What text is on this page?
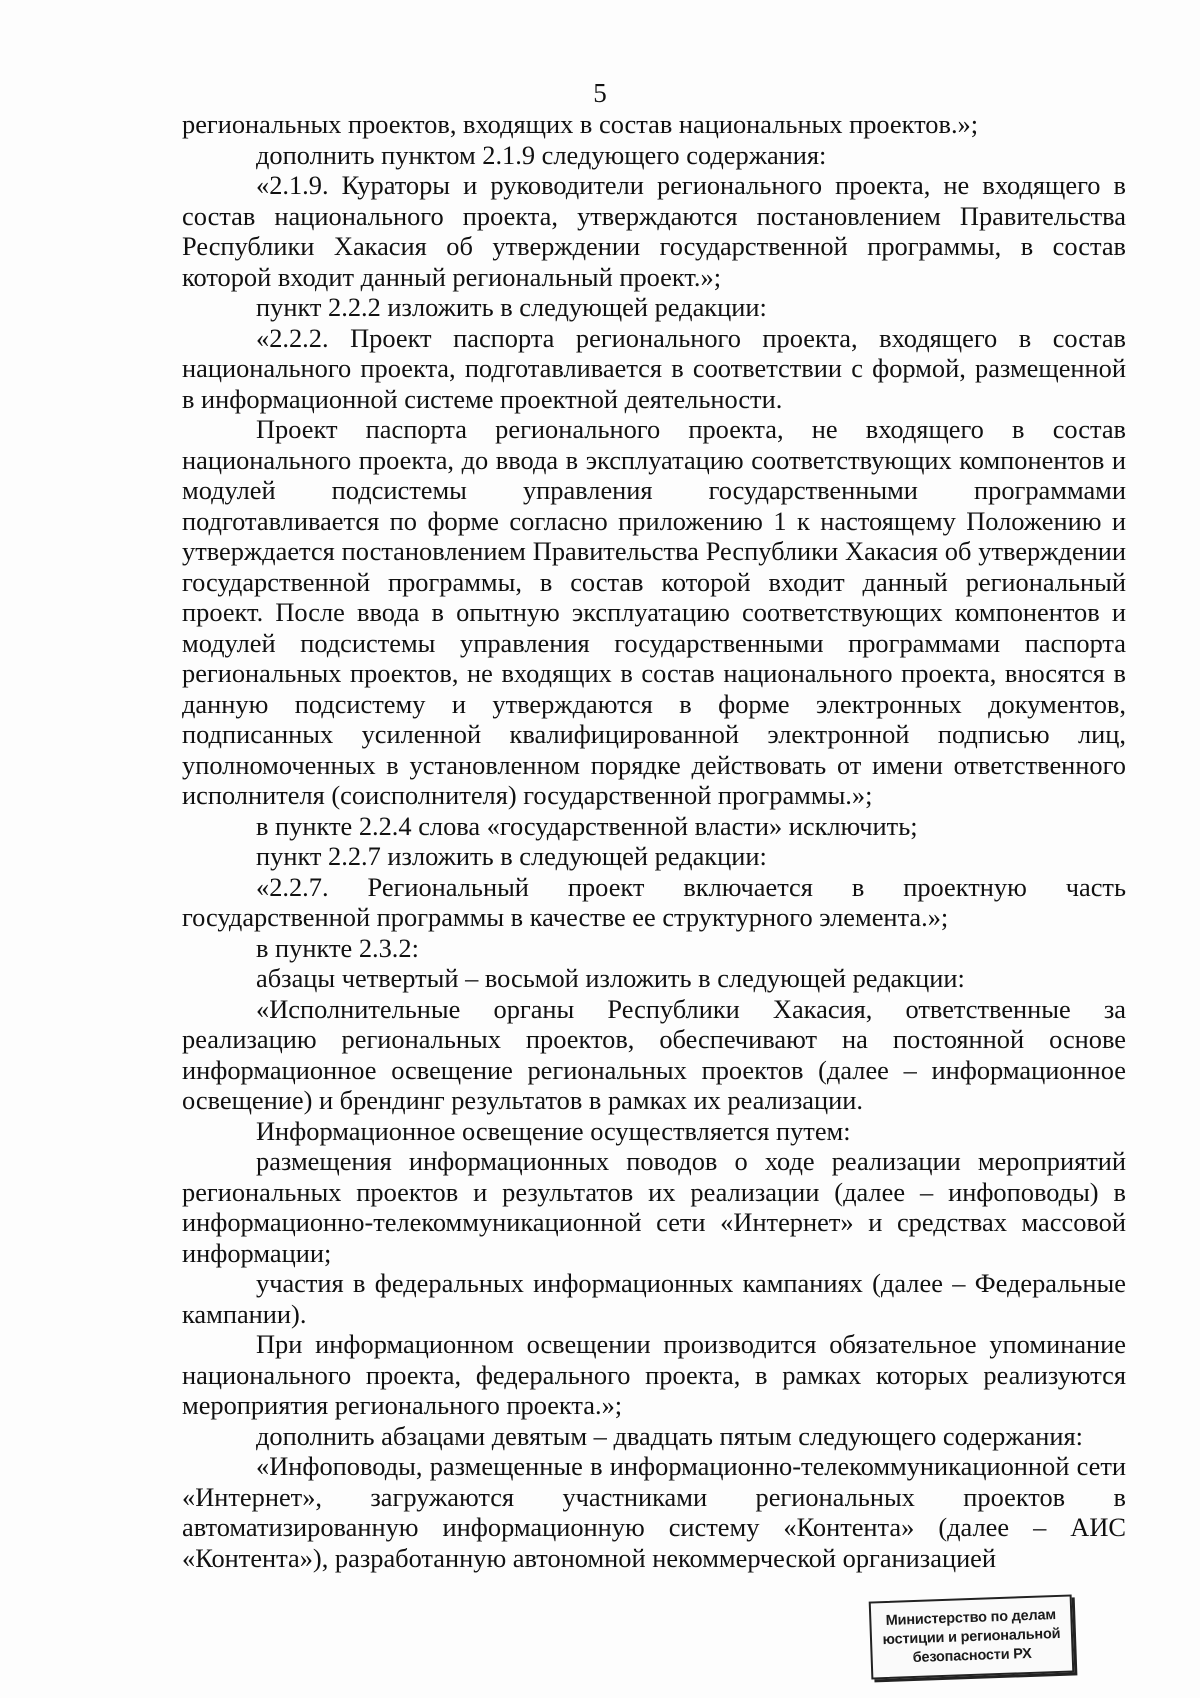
5

региональных проектов, входящих в состав национальных проектов.»;

дополнить пунктом 2.1.9 следующего содержания:

«2.1.9. Кураторы и руководители регионального проекта, не входящего в состав национального проекта, утверждаются постановлением Правительства Республики Хакасия об утверждении государственной программы, в состав которой входит данный региональный проект.»;

пункт 2.2.2 изложить в следующей редакции:

«2.2.2. Проект паспорта регионального проекта, входящего в состав национального проекта, подготавливается в соответствии с формой, размещенной в информационной системе проектной деятельности.

Проект паспорта регионального проекта, не входящего в состав национального проекта, до ввода в эксплуатацию соответствующих компонентов и модулей подсистемы управления государственными программами подготавливается по форме согласно приложению 1 к настоящему Положению и утверждается постановлением Правительства Республики Хакасия об утверждении государственной программы, в состав которой входит данный региональный проект. После ввода в опытную эксплуатацию соответствующих компонентов и модулей подсистемы управления государственными программами паспорта региональных проектов, не входящих в состав национального проекта, вносятся в данную подсистему и утверждаются в форме электронных документов, подписанных усиленной квалифицированной электронной подписью лиц, уполномоченных в установленном порядке действовать от имени ответственного исполнителя (соисполнителя) государственной программы.»;

в пункте 2.2.4 слова «государственной власти» исключить;

пункт 2.2.7 изложить в следующей редакции:

«2.2.7. Региональный проект включается в проектную часть государственной программы в качестве ее структурного элемента.»;

в пункте 2.3.2:

абзацы четвертый – восьмой изложить в следующей редакции:

«Исполнительные органы Республики Хакасия, ответственные за реализацию региональных проектов, обеспечивают на постоянной основе информационное освещение региональных проектов (далее – информационное освещение) и брендинг результатов в рамках их реализации.

Информационное освещение осуществляется путем:

размещения информационных поводов о ходе реализации мероприятий региональных проектов и результатов их реализации (далее – инфоповоды) в информационно-телекоммуникационной сети «Интернет» и средствах массовой информации;

участия в федеральных информационных кампаниях (далее – Федеральные кампании).

При информационном освещении производится обязательное упоминание национального проекта, федерального проекта, в рамках которых реализуются мероприятия регионального проекта.»;

дополнить абзацами девятым – двадцать пятым следующего содержания:

«Инфоповоды, размещенные в информационно-телекоммуникационной сети «Интернет», загружаются участниками региональных проектов в автоматизированную информационную систему «Контента» (далее – АИС «Контента»), разработанную автономной некоммерческой организацией

Министерство по делам
юстиции и региональной
безопасности РХ
